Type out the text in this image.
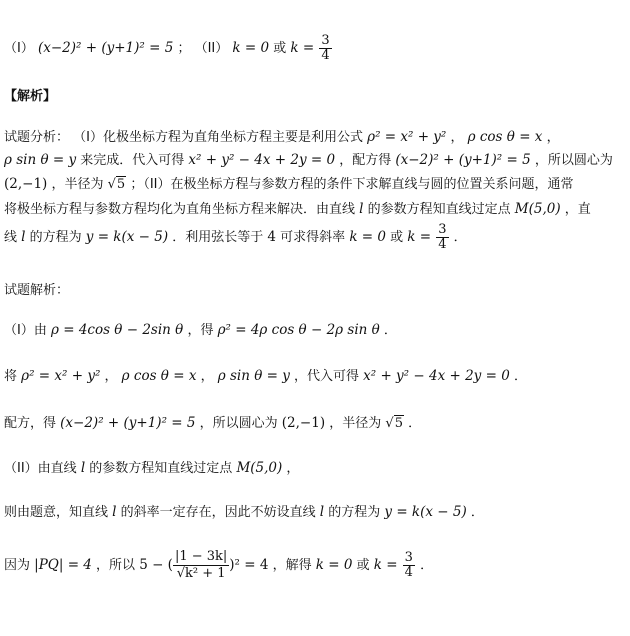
（I） (x−2)² + (y+1)² = 5 ； （II） k = 0 或 $k = \frac{3}{4}$
【解析】
试题分析： （I）化极坐标方程为直角坐标方程主要是利用公式 ρ² = x² + y² ， ρ cos θ = x ，
ρ sin θ = y 来完成．代入可得 x² + y² − 4x + 2y = 0 ，配方得 (x−2)² + (y+1)² = 5 ，所以圆心为
(2,−1) ，半径为 √5 ；（II）在极坐标方程与参数方程的条件下求解直线与圆的位置关系问题，通常
将极坐标方程与参数方程均化为直角坐标方程来解决．由直线 l 的参数方程知直线过定点 M(5,0) ，直
线 l 的方程为 y = k(x − 5) ．利用弦长等于 4 可求得斜率 k = 0 或 $k = \frac{3}{4}$ ．
试题解析：
（I）由 ρ = 4cos θ − 2sin θ ，得 ρ² = 4ρ cos θ − 2ρ sin θ ．
将 ρ² = x² + y² ， ρ cos θ = x ， ρ sin θ = y ，代入可得 x² + y² − 4x + 2y = 0 ．
配方，得 (x−2)² + (y+1)² = 5 ，所以圆心为 (2,−1) ，半径为 √5 ．
（II）由直线 l 的参数方程知直线过定点 M(5,0) ，
则由题意，知直线 l 的斜率一定存在，因此不妨设直线 l 的方程为 y = k(x − 5) ．
因为 |PQ| = 4 ，所以 5 − ( $\frac{|1 - 3k|}{\text{√k² + 1}} )^2 = 4$ ，解得 k = 0 或 $k = \frac{3}{4}$ ．
